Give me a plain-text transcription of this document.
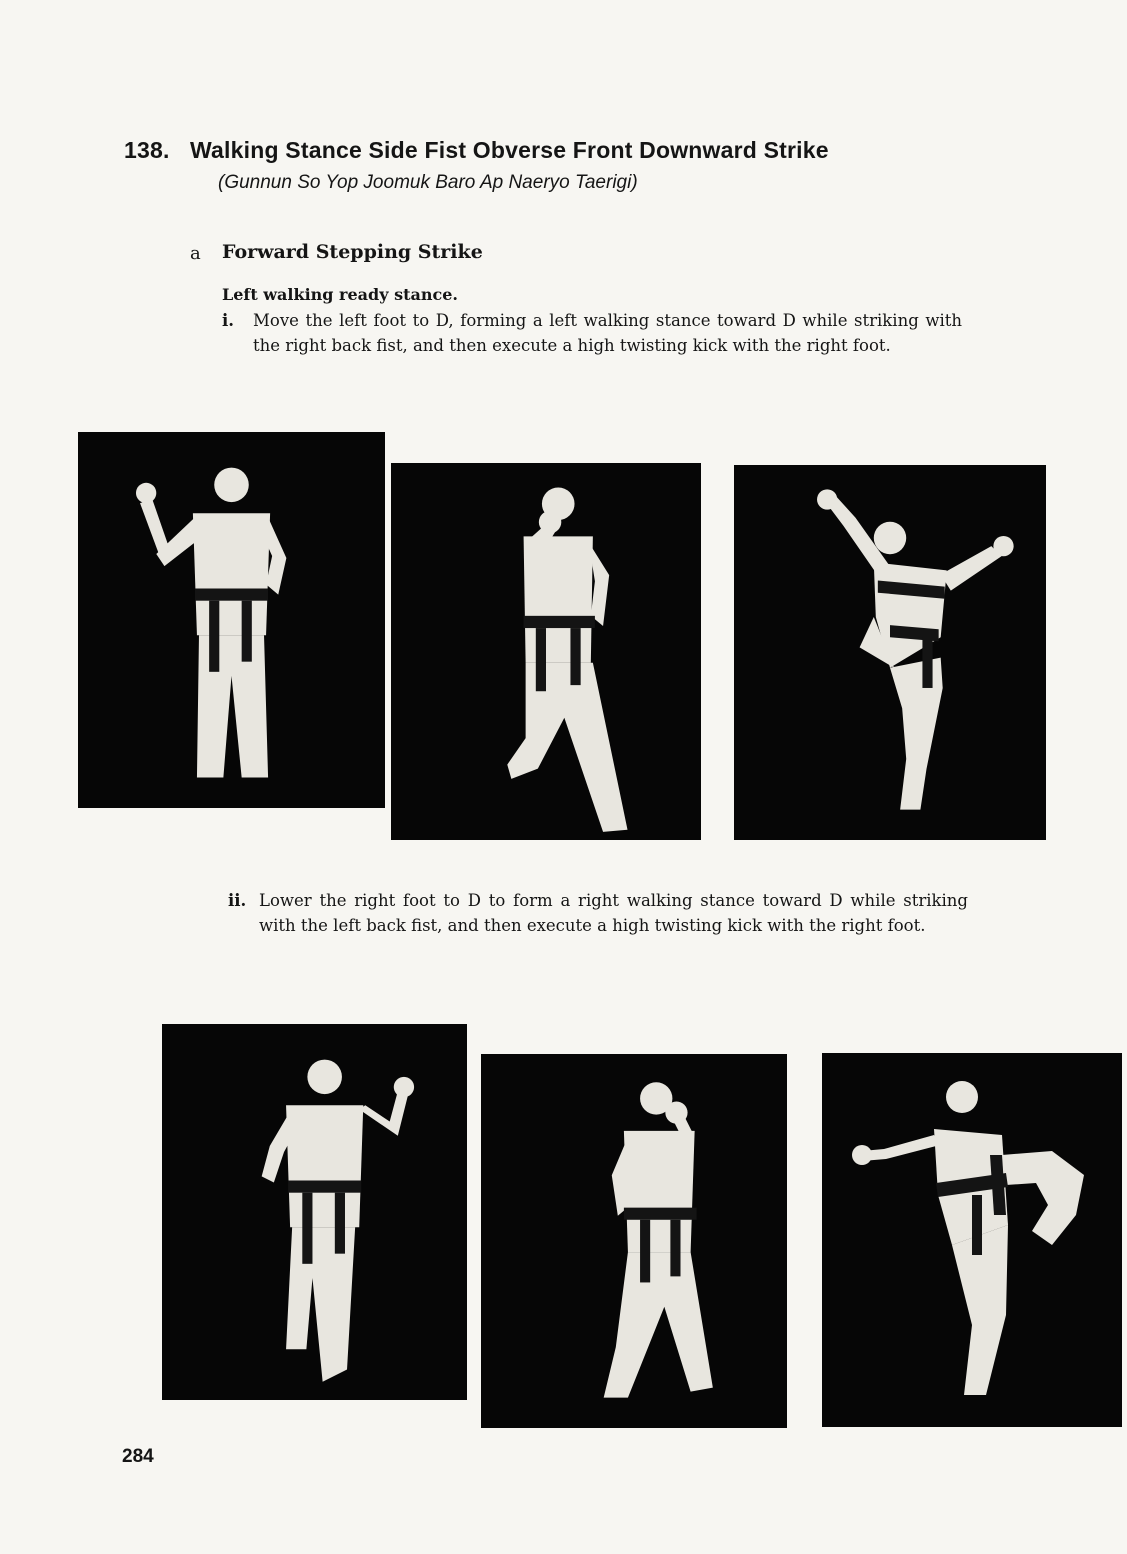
138. Walking Stance Side Fist Obverse Front Downward Strike
(Gunnun So Yop Joomuk Baro Ap Naeryo Taerigi)
a Forward Stepping Strike
Left walking ready stance.
i.	Move the left foot to D, forming a left walking stance toward D while striking with the right back fist, and then execute a high twisting kick with the right foot.
ii. Lower the right foot to D to form a right walking stance toward D while striking with the left back fist, and then execute a high twisting kick with the right foot.
284
